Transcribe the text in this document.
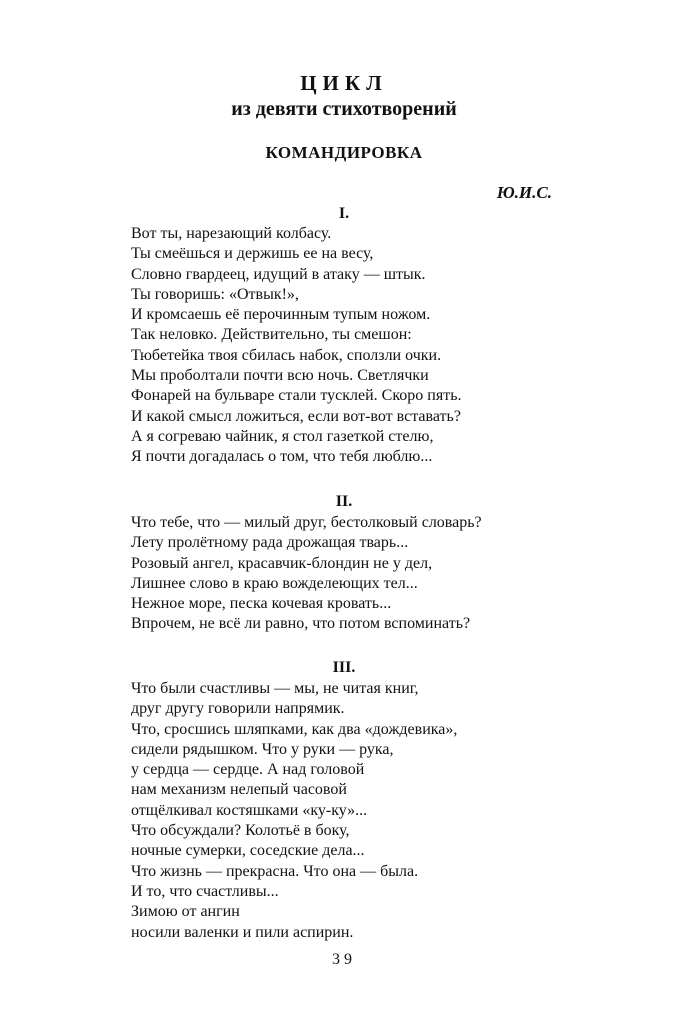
ЦИКЛ
из девяти стихотворений
КОМАНДИРОВКА
Ю.И.С.
I.
Вот ты, нарезающий колбасу.
Ты смеёшься и держишь ее на весу,
Словно гвардеец, идущий в атаку — штык.
Ты говоришь: «Отвык!»,
И кромсаешь её перочинным тупым ножом.
Так неловко. Действительно, ты смешон:
Тюбетейка твоя сбилась набок, сползли очки.
Мы проболтали почти всю ночь. Светлячки
Фонарей на бульваре стали тусклей. Скоро пять.
И какой смысл ложиться, если вот-вот вставать?
А я согреваю чайник, я стол газеткой стелю,
Я почти догадалась о том, что тебя люблю...
II.
Что тебе, что — милый друг, бестолковый словарь?
Лету пролётному рада дрожащая тварь...
Розовый ангел, красавчик-блондин не у дел,
Лишнее слово в краю вожделеющих тел...
Нежное море, песка кочевая кровать...
Впрочем, не всё ли равно, что потом вспоминать?
III.
Что были счастливы — мы, не читая книг,
друг другу говорили напрямик.
Что, сросшись шляпками, как два «дождевика»,
сидели рядышком. Что у руки — рука,
у сердца — сердце. А над головой
нам механизм нелепый часовой
отщёлкивал костяшками «ку-ку»...
Что обсуждали? Колотьё в боку,
ночные сумерки, соседские дела...
Что жизнь — прекрасна. Что она — была.
И то, что счастливы...
Зимою от ангин
носили валенки и пили аспирин.
39
